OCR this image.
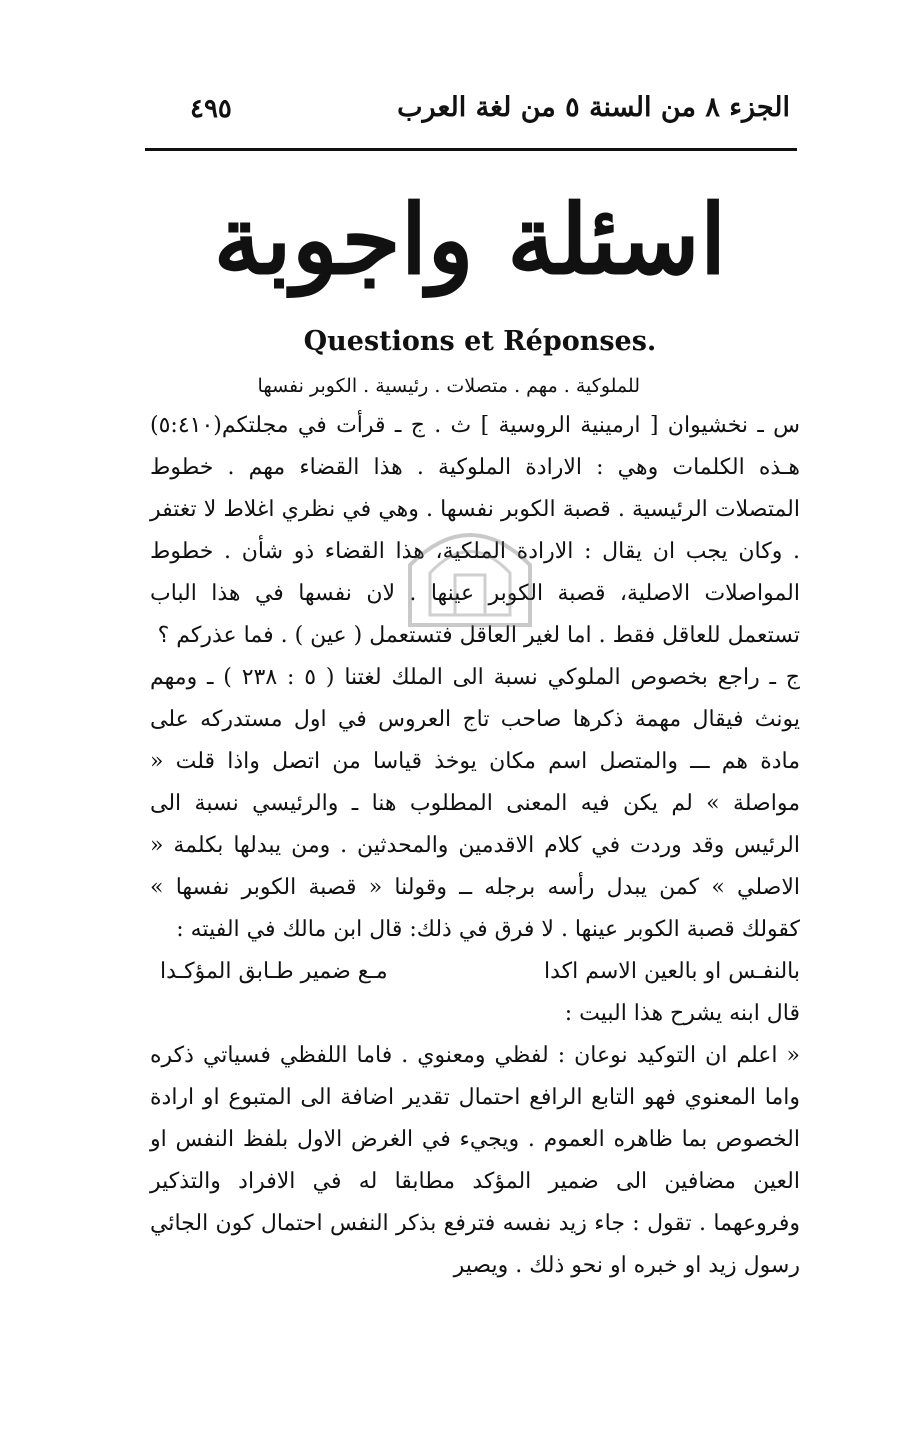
الجزء ٨ من السنة ٥ من لغة العرب
٤٩٥
اسئلة واجوبة
Questions et Réponses.
للملوكية . مهم . متصلات . رئيسية . الكوبر نفسها

س ـ نخشيوان [ ارمينية الروسية ] ث . ج ـ قرأت في مجلتكم(٥:٤١٠) هـذه الكلمات وهي : الارادة الملوكية . هذا القضاء مهم . خطوط المتصلات الرئيسية . قصبة الكوبر نفسها . وهي في نظري اغلاط لا تغتفر . وكان يجب ان يقال : الارادة الملكية، هذا القضاء ذو شأن . خطوط المواصلات الاصلية، قصبة الكوبر عينها . لان نفسها في هذا الباب تستعمل للعاقل فقط . اما لغير العاقل فتستعمل ( عين ) . فما عذركم ؟

ج ـ راجع بخصوص الملوكي نسبة الى الملك لغتنا ( ٥ : ٢٣٨ ) ـ ومهم يونث فيقال مهمة ذكرها صاحب تاج العروس في اول مستدركه على مادة هم ـــ والمتصل اسم مكان يوخذ قياسا من اتصل واذا قلت « مواصلة » لم يكن فيه المعنى المطلوب هنا ـ والرئيسي نسبة الى الرئيس وقد وردت في كلام الاقدمين والمحدثين . ومن يبدلها بكلمة « الاصلي » كمن يبدل رأسه برجله ــ وقولنا « قصبة الكوبر نفسها » كقولك قصبة الكوبر عينها . لا فرق في ذلك: قال ابن مالك في الفيته :

بالنفـس او بالعين الاسم اكدا
مـع ضمير طـابق المؤكـدا

قال ابنه يشرح هذا البيت :

« اعلم ان التوكيد نوعان : لفظي ومعنوي . فاما اللفظي فسياتي ذكره واما المعنوي فهو التابع الرافع احتمال تقدير اضافة الى المتبوع او ارادة الخصوص بما ظاهره العموم . ويجيء في الغرض الاول بلفظ النفس او العين مضافين الى ضمير المؤكد مطابقا له في الافراد والتذكير وفروعهما . تقول : جاء زيد نفسه فترفع بذكر النفس احتمال كون الجائي رسول زيد او خبره او نحو ذلك . ويصير
